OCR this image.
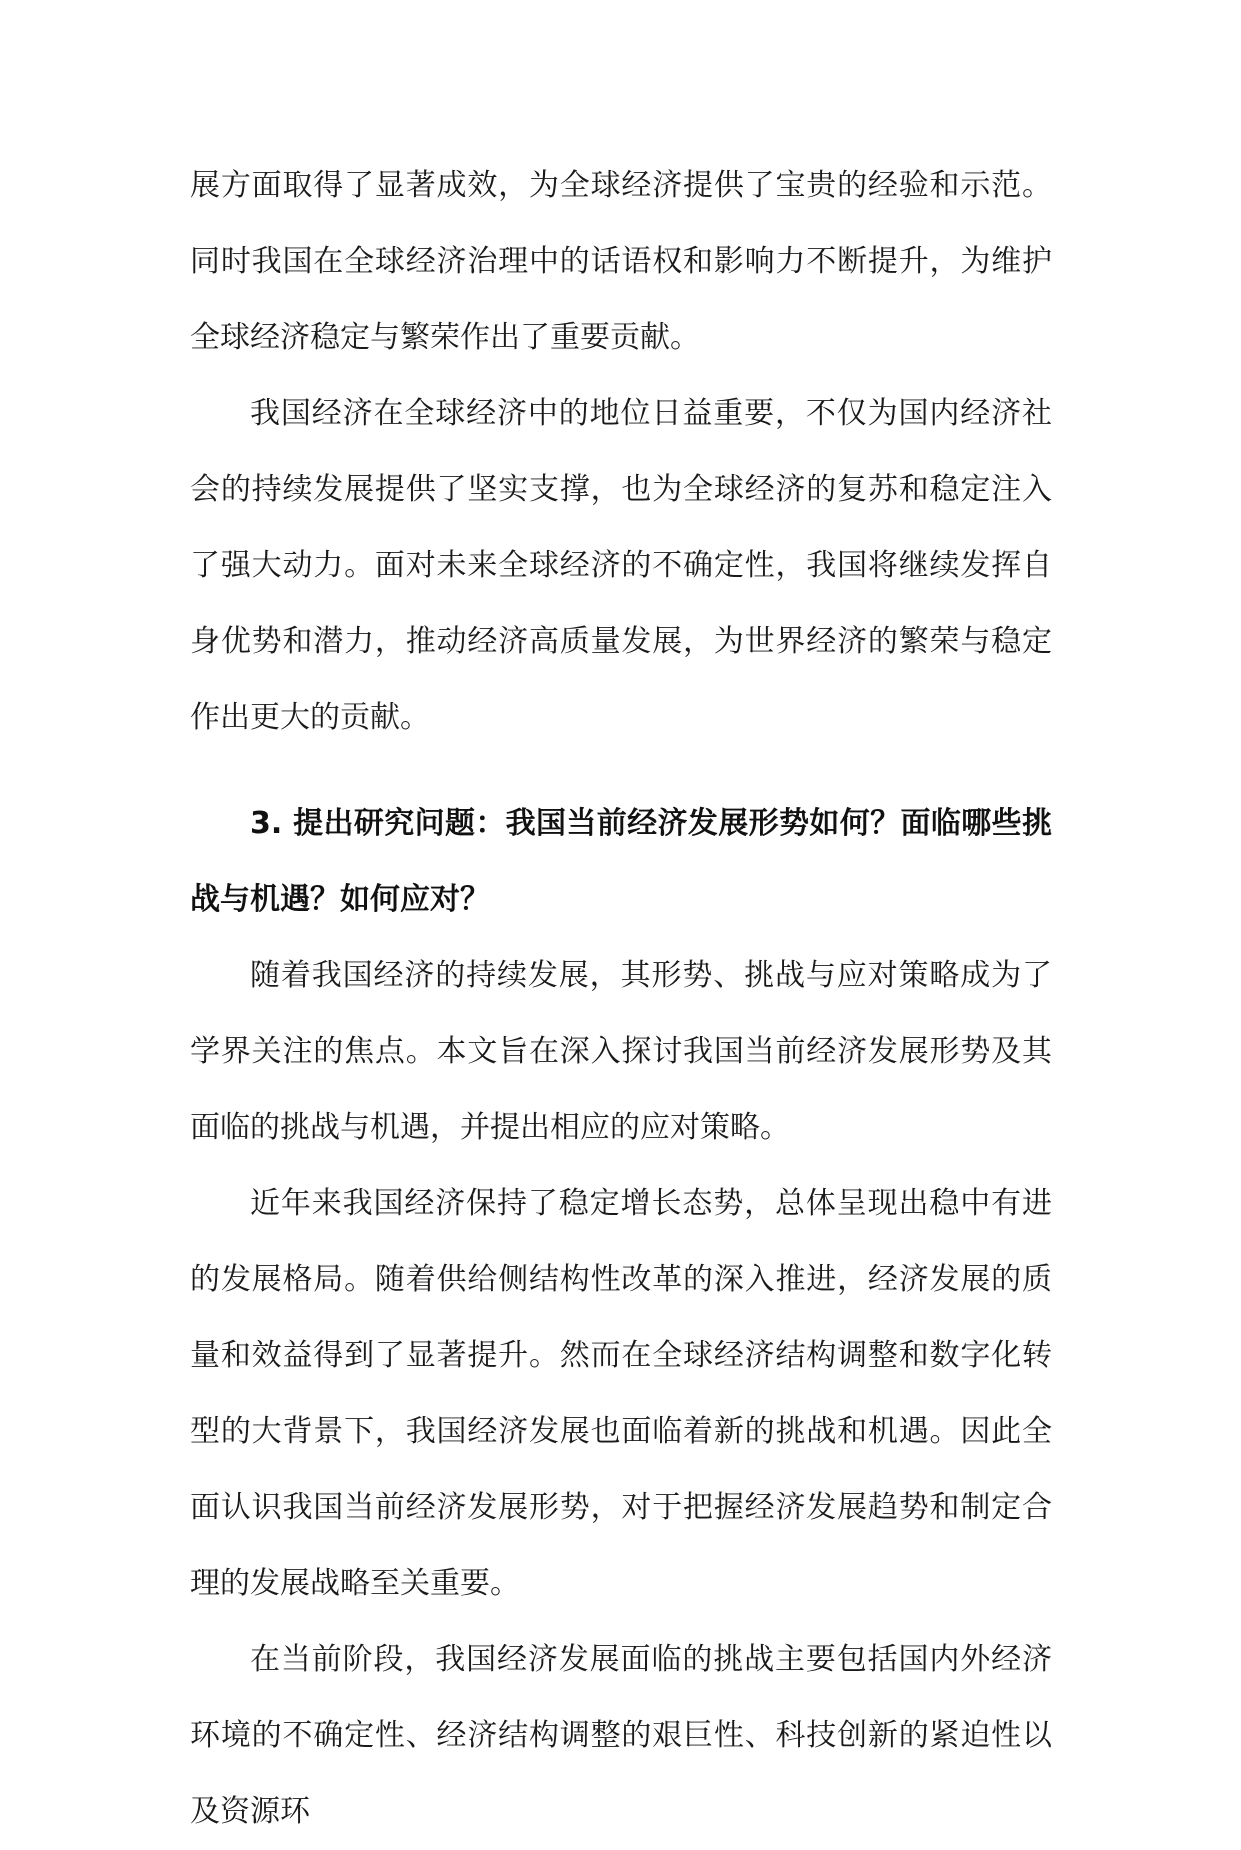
展方面取得了显著成效，为全球经济提供了宝贵的经验和示范。同时我国在全球经济治理中的话语权和影响力不断提升，为维护全球经济稳定与繁荣作出了重要贡献。

我国经济在全球经济中的地位日益重要，不仅为国内经济社会的持续发展提供了坚实支撑，也为全球经济的复苏和稳定注入了强大动力。面对未来全球经济的不确定性，我国将继续发挥自身优势和潜力，推动经济高质量发展，为世界经济的繁荣与稳定作出更大的贡献。

3. 提出研究问题：我国当前经济发展形势如何？面临哪些挑战与机遇？如何应对？

随着我国经济的持续发展，其形势、挑战与应对策略成为了学界关注的焦点。本文旨在深入探讨我国当前经济发展形势及其面临的挑战与机遇，并提出相应的应对策略。

近年来我国经济保持了稳定增长态势，总体呈现出稳中有进的发展格局。随着供给侧结构性改革的深入推进，经济发展的质量和效益得到了显著提升。然而在全球经济结构调整和数字化转型的大背景下，我国经济发展也面临着新的挑战和机遇。因此全面认识我国当前经济发展形势，对于把握经济发展趋势和制定合理的发展战略至关重要。

在当前阶段，我国经济发展面临的挑战主要包括国内外经济环境的不确定性、经济结构调整的艰巨性、科技创新的紧迫性以及资源环
